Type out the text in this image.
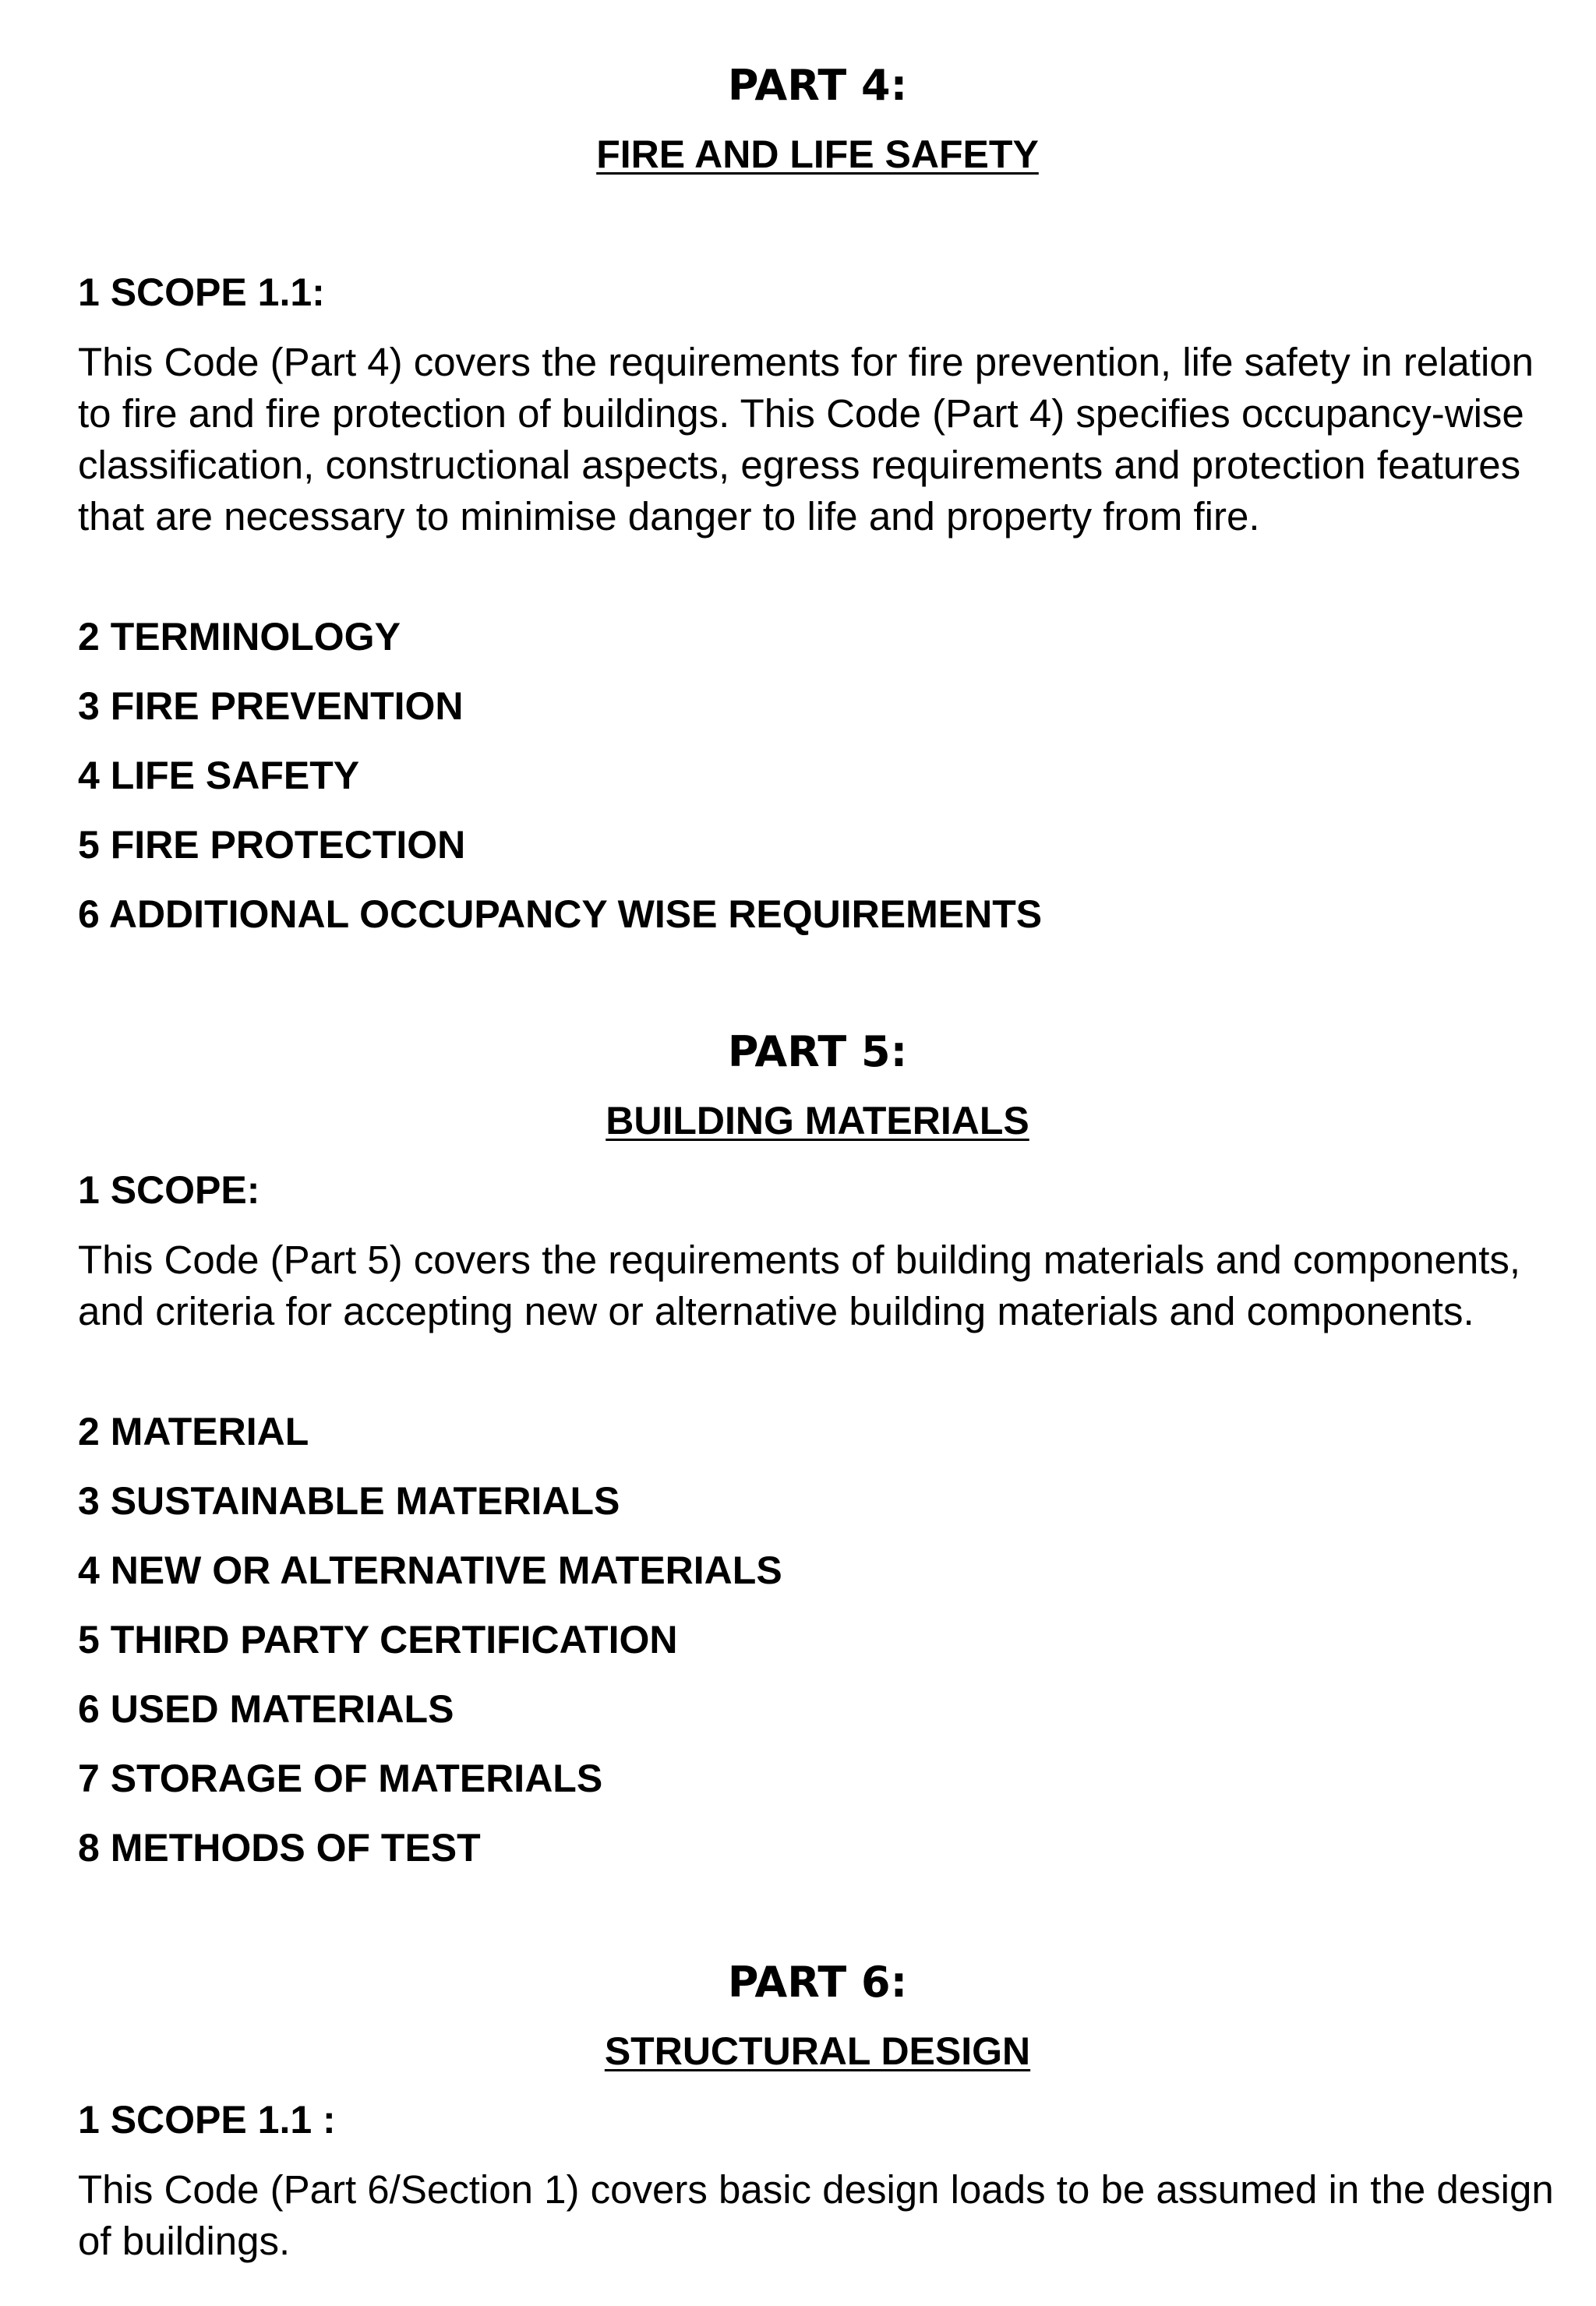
PART 4:
FIRE AND LIFE SAFETY
1 SCOPE 1.1:

This Code (Part 4) covers the requirements for fire prevention, life safety in relation to fire and fire protection of buildings. This Code (Part 4) specifies occupancy-wise classification, constructional aspects, egress requirements and protection features that are necessary to minimise danger to life and property from fire.

2 TERMINOLOGY
3 FIRE PREVENTION
4 LIFE SAFETY
5 FIRE PROTECTION
6 ADDITIONAL OCCUPANCY WISE REQUIREMENTS
PART 5:
BUILDING MATERIALS
1 SCOPE:

This Code (Part 5) covers the requirements of building materials and components, and criteria for accepting new or alternative building materials and components.

2 MATERIAL
3 SUSTAINABLE MATERIALS
4 NEW OR ALTERNATIVE MATERIALS
5 THIRD PARTY CERTIFICATION
6 USED MATERIALS
7 STORAGE OF MATERIALS
8 METHODS OF TEST
PART 6:
STRUCTURAL DESIGN
1 SCOPE 1.1 :

This Code (Part 6/Section 1) covers basic design loads to be assumed in the design of buildings.
